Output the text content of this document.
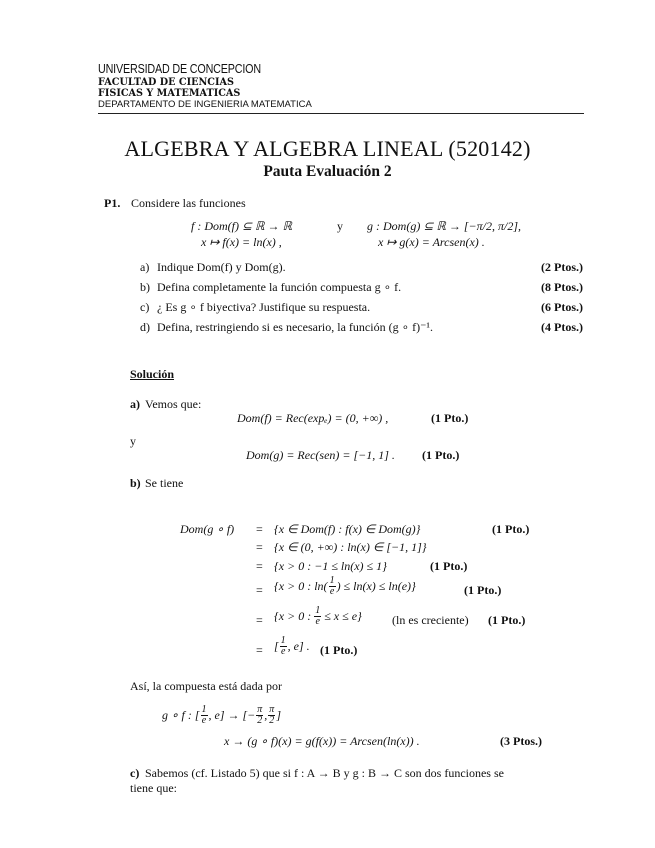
UNIVERSIDAD DE CONCEPCION
FACULTAD DE CIENCIAS
FISICAS Y MATEMATICAS
DEPARTAMENTO DE INGENIERIA MATEMATICA
ALGEBRA Y ALGEBRA LINEAL (520142)
Pauta Evaluación 2
P1. Considere las funciones
f : Dom(f) ⊆ ℝ → ℝ	y g : Dom(g) ⊆ ℝ → [−π/2, π/2],
x ↦ f(x) = ln(x) ,	x ↦ g(x) = Arcsen(x) .
a) Indique Dom(f) y Dom(g).	(2 Ptos.)
b) Defina completamente la función compuesta g ∘ f.	(8 Ptos.)
c) ¿ Es g ∘ f biyectiva? Justifique su respuesta.	(6 Ptos.)
d) Defina, restringiendo si es necesario, la función (g ∘ f)⁻¹.	(4 Ptos.)
Solución
a) Vemos que:
Dom(f) = Rec(expₑ) = (0, +∞) ,	(1 Pto.)
y
Dom(g) = Rec(sen) = [−1, 1] . (1 Pto.)
b) Se tiene
Dom(g ∘ f) = {x ∈ Dom(f) : f(x) ∈ Dom(g)}	(1 Pto.)
= {x ∈ (0, +∞) : ln(x) ∈ [−1, 1]}
= {x > 0 : −1 ≤ ln(x) ≤ 1}	(1 Pto.)
= {x > 0 : $\ln( \frac{1}{e}$ ) ≤ ln(x) ≤ ln(e)}	(1 Pto.)
= {x > 0 : $\frac{1}{e} \le x \le e$}	(ln es creciente) (1 Pto.)
= [ $\frac{1}{e}$ , e] . (1 Pto.)
Así, la compuesta está dada por
g ∘ f : [ $\frac{1}{e}$ , e] → [− $\frac{\pi}{2}$ , $\frac{\pi}{2}$ ]
x → (g ∘ f)(x) = g(f(x)) = Arcsen(ln(x)) .	(3 Ptos.)
c) Sabemos (cf. Listado 5) que si f : A → B y g : B → C son dos funciones se
tiene que:
